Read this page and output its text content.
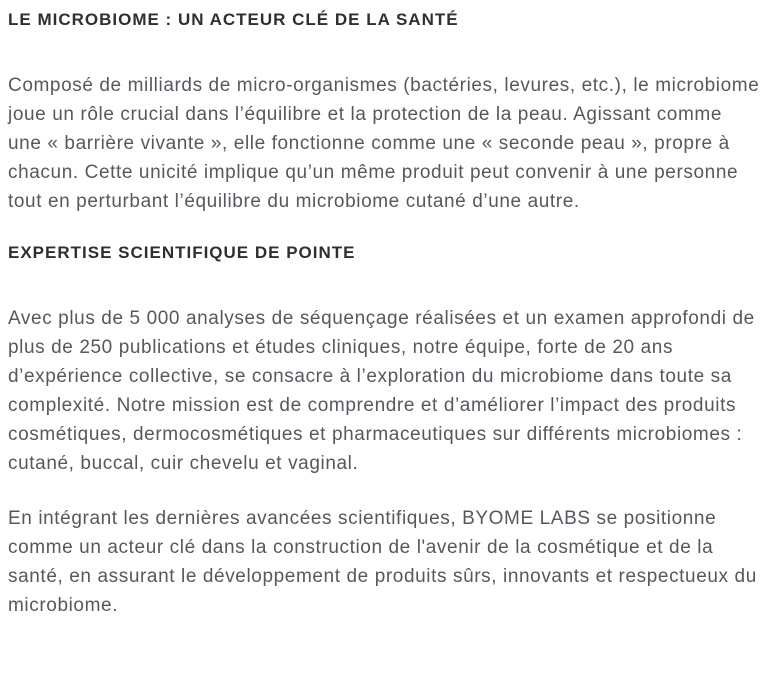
LE MICROBIOME : UN ACTEUR CLÉ DE LA SANTÉ

Composé de milliards de micro-organismes (bactéries, levures, etc.), le microbiome joue un rôle crucial dans l’équilibre et la protection de la peau. Agissant comme une « barrière vivante », elle fonctionne comme une « seconde peau », propre à chacun. Cette unicité implique qu’un même produit peut convenir à une personne tout en perturbant l’équilibre du microbiome cutané d’une autre.

EXPERTISE SCIENTIFIQUE DE POINTE

Avec plus de 5 000 analyses de séquençage réalisées et un examen approfondi de plus de 250 publications et études cliniques, notre équipe, forte de 20 ans d’expérience collective, se consacre à l’exploration du microbiome dans toute sa complexité. Notre mission est de comprendre et d’améliorer l’impact des produits cosmétiques, dermocosmétiques et pharmaceutiques sur différents microbiomes : cutané, buccal, cuir chevelu et vaginal.

En intégrant les dernières avancées scientifiques, BYOME LABS se positionne comme un acteur clé dans la construction de l'avenir de la cosmétique et de la santé, en assurant le développement de produits sûrs, innovants et respectueux du microbiome.
